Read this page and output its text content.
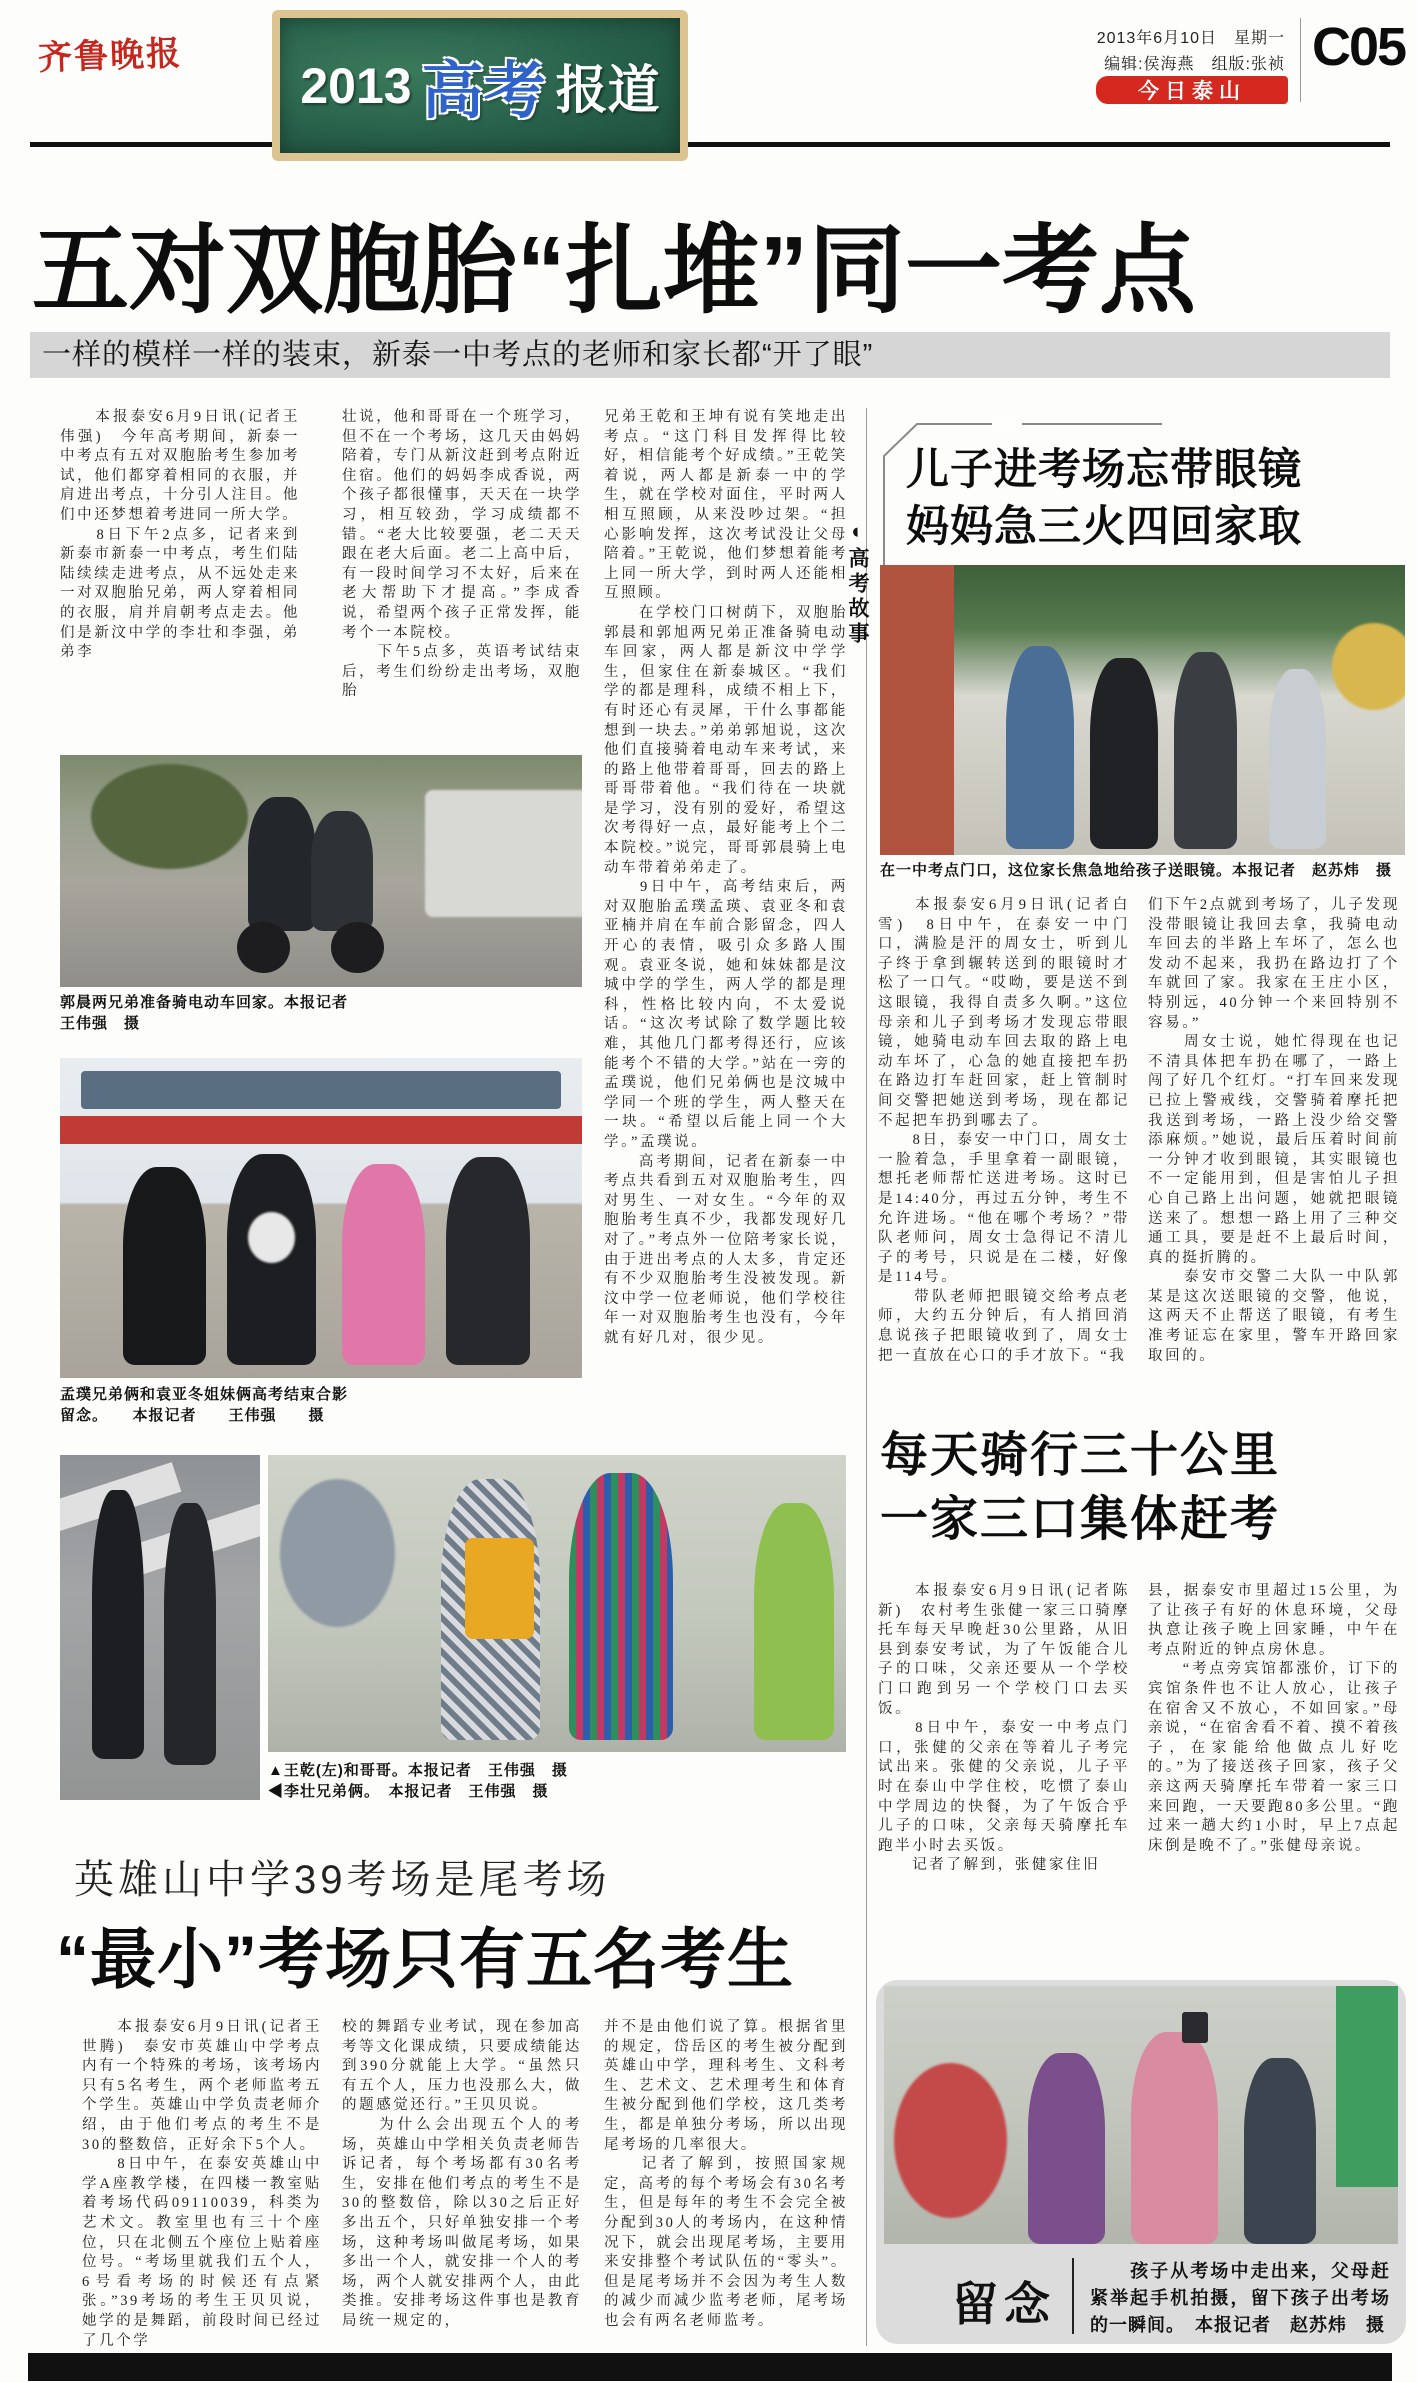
齐鲁晚报
2013 高考 报道
2013年6月10日　星期一
编辑:侯海燕　组版:张祯 C05
今日泰山
五对双胞胎“扎堆”同一考点
一样的模样一样的装束，新泰一中考点的老师和家长都“开了眼”

　　本报泰安6月9日讯(记者王伟强)　今年高考期间，新泰一中考点有五对双胞胎考生参加考试，他们都穿着相同的衣服，并肩进出考点，十分引人注目。他们中还梦想着考进同一所大学。

　　8日下午2点多，记者来到新泰市新泰一中考点，考生们陆陆续续走进考点，从不远处走来一对双胞胎兄弟，两人穿着相同的衣服，肩并肩朝考点走去。他们是新汶中学的李壮和李强，弟弟李

壮说，他和哥哥在一个班学习，但不在一个考场，这几天由妈妈陪着，专门从新汶赶到考点附近住宿。他们的妈妈李成香说，两个孩子都很懂事，天天在一块学习，相互较劲，学习成绩都不错。“老大比较要强，老二天天跟在老大后面。老二上高中后，有一段时间学习不太好，后来在老大帮助下才提高。”李成香说，希望两个孩子正常发挥，能考个一本院校。

　　下午5点多，英语考试结束后，考生们纷纷走出考场，双胞胎

兄弟王乾和王坤有说有笑地走出考点。“这门科目发挥得比较好，相信能考个好成绩。”王乾笑着说，两人都是新泰一中的学生，就在学校对面住，平时两人相互照顾，从来没吵过架。“担心影响发挥，这次考试没让父母陪着。”王乾说，他们梦想着能考上同一所大学，到时两人还能相互照顾。

　　在学校门口树荫下，双胞胎郭晨和郭旭两兄弟正准备骑电动车回家，两人都是新汶中学学生，但家住在新泰城区。“我们学的都是理科，成绩不相上下，有时还心有灵犀，干什么事都能想到一块去。”弟弟郭旭说，这次他们直接骑着电动车来考试，来的路上他带着哥哥，回去的路上哥哥带着他。“我们待在一块就是学习，没有别的爱好，希望这次考得好一点，最好能考上个二本院校。”说完，哥哥郭晨骑上电动车带着弟弟走了。

　　9日中午，高考结束后，两对双胞胎孟璞孟瑛、袁亚冬和袁亚楠并肩在车前合影留念，四人开心的表情，吸引众多路人围观。袁亚冬说，她和妹妹都是汶城中学的学生，两人学的都是理科，性格比较内向，不太爱说话。“这次考试除了数学题比较难，其他几门都考得还行，应该能考个不错的大学。”站在一旁的孟璞说，他们兄弟俩也是汶城中学同一个班的学生，两人整天在一块。“希望以后能上同一个大学。”孟璞说。

　　高考期间，记者在新泰一中考点共看到五对双胞胎考生，四对男生、一对女生。“今年的双胞胎考生真不少，我都发现好几对了。”考点外一位陪考家长说，由于进出考点的人太多，肯定还有不少双胞胎考生没被发现。新汶中学一位老师说，他们学校往年一对双胞胎考生也没有，今年就有好几对，很少见。

郭晨两兄弟准备骑电动车回家。本报记者
王伟强　摄
孟璞兄弟俩和袁亚冬姐妹俩高考结束合影
留念。　　本报记者　　王伟强　　摄
▲王乾(左)和哥哥。本报记者　王伟强　摄
◀李壮兄弟俩。　本报记者　王伟强　摄
英雄山中学39考场是尾考场
“最小”考场只有五名考生

　　本报泰安6月9日讯(记者王世腾)　泰安市英雄山中学考点内有一个特殊的考场，该考场内只有5名考生，两个老师监考五个学生。英雄山中学负责老师介绍，由于他们考点的考生不是30的整数倍，正好余下5个人。

　　8日中午，在泰安英雄山中学A座教学楼，在四楼一教室贴着考场代码09110039，科类为艺术文。教室里也有三十个座位，只在北侧五个座位上贴着座位号。“考场里就我们五个人，6号看考场的时候还有点紧张。”39考场的考生王贝贝说，她学的是舞蹈，前段时间已经过了几个学

校的舞蹈专业考试，现在参加高考等文化课成绩，只要成绩能达到390分就能上大学。“虽然只有五个人，压力也没那么大，做的题感觉还行。”王贝贝说。

　　为什么会出现五个人的考场，英雄山中学相关负责老师告诉记者，每个考场都有30名考生，安排在他们考点的考生不是30的整数倍，除以30之后正好多出五个，只好单独安排一个考场，这种考场叫做尾考场，如果多出一个人，就安排一个人的考场，两个人就安排两个人，由此类推。安排考场这件事也是教育局统一规定的，

并不是由他们说了算。根据省里的规定，岱岳区的考生被分配到英雄山中学，理科考生、文科考生、艺术文、艺术理考生和体育生被分配到他们学校，这几类考生，都是单独分考场，所以出现尾考场的几率很大。

　　记者了解到，按照国家规定，高考的每个考场会有30名考生，但是每年的考生不会完全被分配到30人的考场内，在这种情况下，就会出现尾考场，主要用来安排整个考试队伍的“零头”。但是尾考场并不会因为考生人数的减少而减少监考老师，尾考场也会有两名老师监考。

儿子进考场忘带眼镜
妈妈急三火四回家取
◐高考故事
在一中考点门口，这位家长焦急地给孩子送眼镜。本报记者　赵苏炜　摄

　　本报泰安6月9日讯(记者白雪)　8日中午，在泰安一中门口，满脸是汗的周女士，听到儿子终于拿到辗转送到的眼镜时才松了一口气。“哎呦，要是送不到这眼镜，我得自责多久啊。”这位母亲和儿子到考场才发现忘带眼镜，她骑电动车回去取的路上电动车坏了，心急的她直接把车扔在路边打车赶回家，赶上管制时间交警把她送到考场，现在都记不起把车扔到哪去了。

　　8日，泰安一中门口，周女士一脸着急，手里拿着一副眼镜，想托老师帮忙送进考场。这时已是14:40分，再过五分钟，考生不允许进场。“他在哪个考场？”带队老师问，周女士急得记不清儿子的考号，只说是在二楼，好像是114号。

　　带队老师把眼镜交给考点老师，大约五分钟后，有人捎回消息说孩子把眼镜收到了，周女士把一直放在心口的手才放下。“我

们下午2点就到考场了，儿子发现没带眼镜让我回去拿，我骑电动车回去的半路上车坏了，怎么也发动不起来，我扔在路边打了个车就回了家。我家在王庄小区，特别远，40分钟一个来回特别不容易。”

　　周女士说，她忙得现在也记不清具体把车扔在哪了，一路上闯了好几个红灯。“打车回来发现已拉上警戒线，交警骑着摩托把我送到考场，一路上没少给交警添麻烦。”她说，最后压着时间前一分钟才收到眼镜，其实眼镜也不一定能用到，但是害怕儿子担心自己路上出问题，她就把眼镜送来了。想想一路上用了三种交通工具，要是赶不上最后时间，真的挺折腾的。

　　泰安市交警二大队一中队郭某是这次送眼镜的交警，他说，这两天不止帮送了眼镜，有考生准考证忘在家里，警车开路回家取回的。

每天骑行三十公里
一家三口集体赶考

　　本报泰安6月9日讯(记者陈新)　农村考生张健一家三口骑摩托车每天早晚赶30公里路，从旧县到泰安考试，为了午饭能合儿子的口味，父亲还要从一个学校门口跑到另一个学校门口去买饭。

　　8日中午，泰安一中考点门口，张健的父亲在等着儿子考完试出来。张健的父亲说，儿子平时在泰山中学住校，吃惯了泰山中学周边的快餐，为了午饭合乎儿子的口味，父亲每天骑摩托车跑半小时去买饭。

　　记者了解到，张健家住旧

县，据泰安市里超过15公里，为了让孩子有好的休息环境，父母执意让孩子晚上回家睡，中午在考点附近的钟点房休息。

　　“考点旁宾馆都涨价，订下的宾馆条件也不让人放心，让孩子在宿舍又不放心，不如回家。”母亲说，“在宿舍看不着、摸不着孩子，在家能给他做点儿好吃的。”为了接送孩子回家，孩子父亲这两天骑摩托车带着一家三口来回跑，一天要跑80多公里。“跑过来一趟大约1小时，早上7点起床倒是晚不了。”张健母亲说。

留念
　　孩子从考场中走出来，父母赶紧举起手机拍摄，留下孩子出考场的一瞬间。　本报记者　赵苏炜　摄
